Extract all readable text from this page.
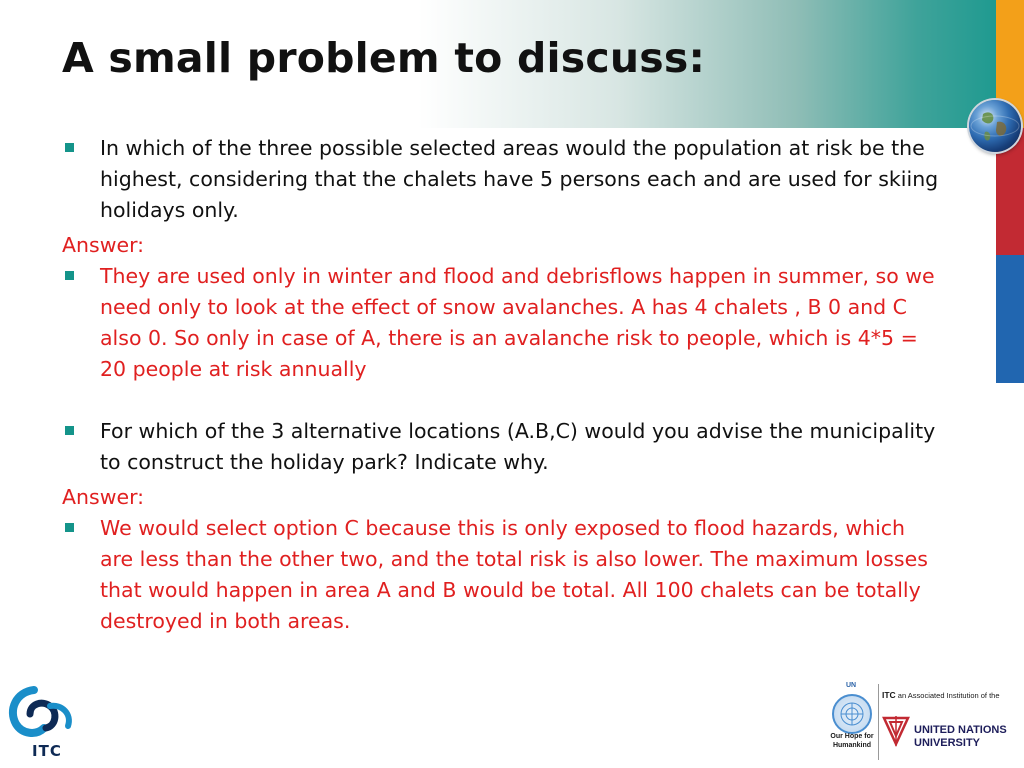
A small problem to discuss:
In which of the three possible selected areas would the population at risk be the highest, considering that the chalets have 5 persons each and are used for skiing holidays only.
Answer:
They are used only in winter and flood and debrisflows happen in summer, so we need only to look at the effect of snow avalanches. A has 4 chalets , B 0 and C also 0. So only in case of A, there is an avalanche risk to people, which is 4*5 = 20 people at risk annually
For which of the 3 alternative locations (A.B,C) would you advise the municipality to construct the holiday park? Indicate why.
Answer:
We would select option C because this is only exposed to flood hazards, which are less than the other two, and the total risk is also lower. The maximum losses that would happen in area A and B would be total. All 100 chalets can be totally destroyed in both areas.
ITC
UN
Our Hope for Humankind
ITC an Associated Institution of the
UNITED NATIONS
UNIVERSITY
